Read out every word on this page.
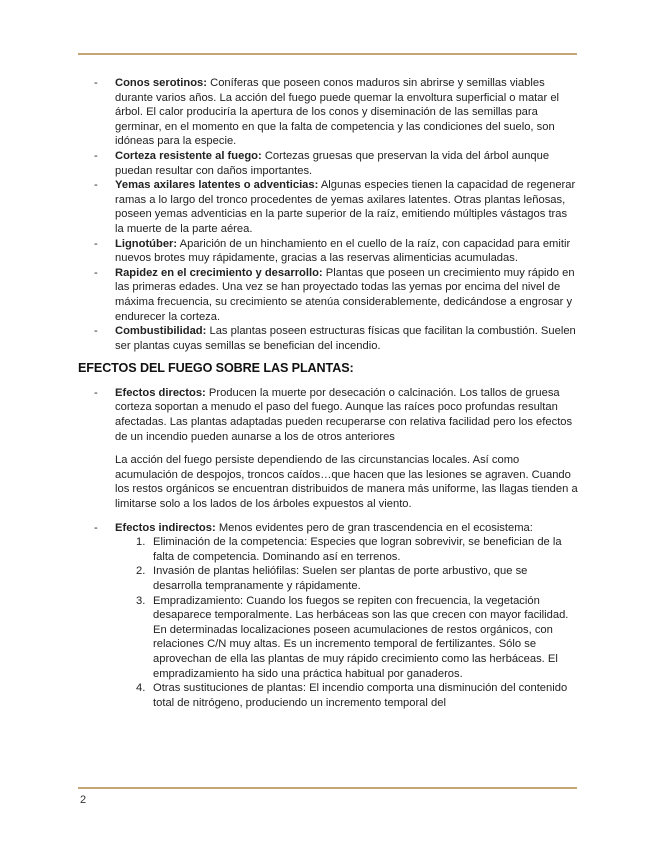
- Conos serotinos: Coníferas que poseen conos maduros sin abrirse y semillas viables durante varios años. La acción del fuego puede quemar la envoltura superficial o matar el árbol. El calor produciría la apertura de los conos y diseminación de las semillas para germinar, en el momento en que la falta de competencia y las condiciones del suelo, son idóneas para la especie.
- Corteza resistente al fuego: Cortezas gruesas que preservan la vida del árbol aunque puedan resultar con daños importantes.
- Yemas axilares latentes o adventicias: Algunas especies tienen la capacidad de regenerar ramas a lo largo del tronco procedentes de yemas axilares latentes. Otras plantas leñosas, poseen yemas adventicias en la parte superior de la raíz, emitiendo múltiples vástagos tras la muerte de la parte aérea.
- Lignotúber: Aparición de un hinchamiento en el cuello de la raíz, con capacidad para emitir nuevos brotes muy rápidamente, gracias a las reservas alimenticias acumuladas.
- Rapidez en el crecimiento y desarrollo: Plantas que poseen un crecimiento muy rápido en las primeras edades. Una vez se han proyectado todas las yemas por encima del nivel de máxima frecuencia, su crecimiento se atenúa considerablemente, dedicándose a engrosar y endurecer la corteza.
- Combustibilidad: Las plantas poseen estructuras físicas que facilitan la combustión. Suelen ser plantas cuyas semillas se benefician del incendio.
EFECTOS DEL FUEGO SOBRE LAS PLANTAS:
- Efectos directos: Producen la muerte por desecación o calcinación. Los tallos de gruesa corteza soportan a menudo el paso del fuego. Aunque las raíces poco profundas resultan afectadas. Las plantas adaptadas pueden recuperarse con relativa facilidad pero los efectos de un incendio pueden aunarse a los de otros anteriores

La acción del fuego persiste dependiendo de las circunstancias locales. Así como acumulación de despojos, troncos caídos…que hacen que las lesiones se agraven. Cuando los restos orgánicos se encuentran distribuidos de manera más uniforme, las llagas tienden a limitarse solo a los lados de los árboles expuestos al viento.

- Efectos indirectos: Menos evidentes pero de gran trascendencia en el ecosistema:
1. Eliminación de la competencia: Especies que logran sobrevivir, se benefician de la falta de competencia. Dominando así en terrenos.
2. Invasión de plantas heliófilas: Suelen ser plantas de porte arbustivo, que se desarrolla tempranamente y rápidamente.
3. Empradizamiento: Cuando los fuegos se repiten con frecuencia, la vegetación desaparece temporalmente. Las herbáceas son las que crecen con mayor facilidad. En determinadas localizaciones poseen acumulaciones de restos orgánicos, con relaciones C/N muy altas. Es un incremento temporal de fertilizantes. Sólo se aprovechan de ella las plantas de muy rápido crecimiento como las herbáceas. El empradizamiento ha sido una práctica habitual por ganaderos.
4. Otras sustituciones de plantas: El incendio comporta una disminución del contenido total de nitrógeno, produciendo un incremento temporal del
2
